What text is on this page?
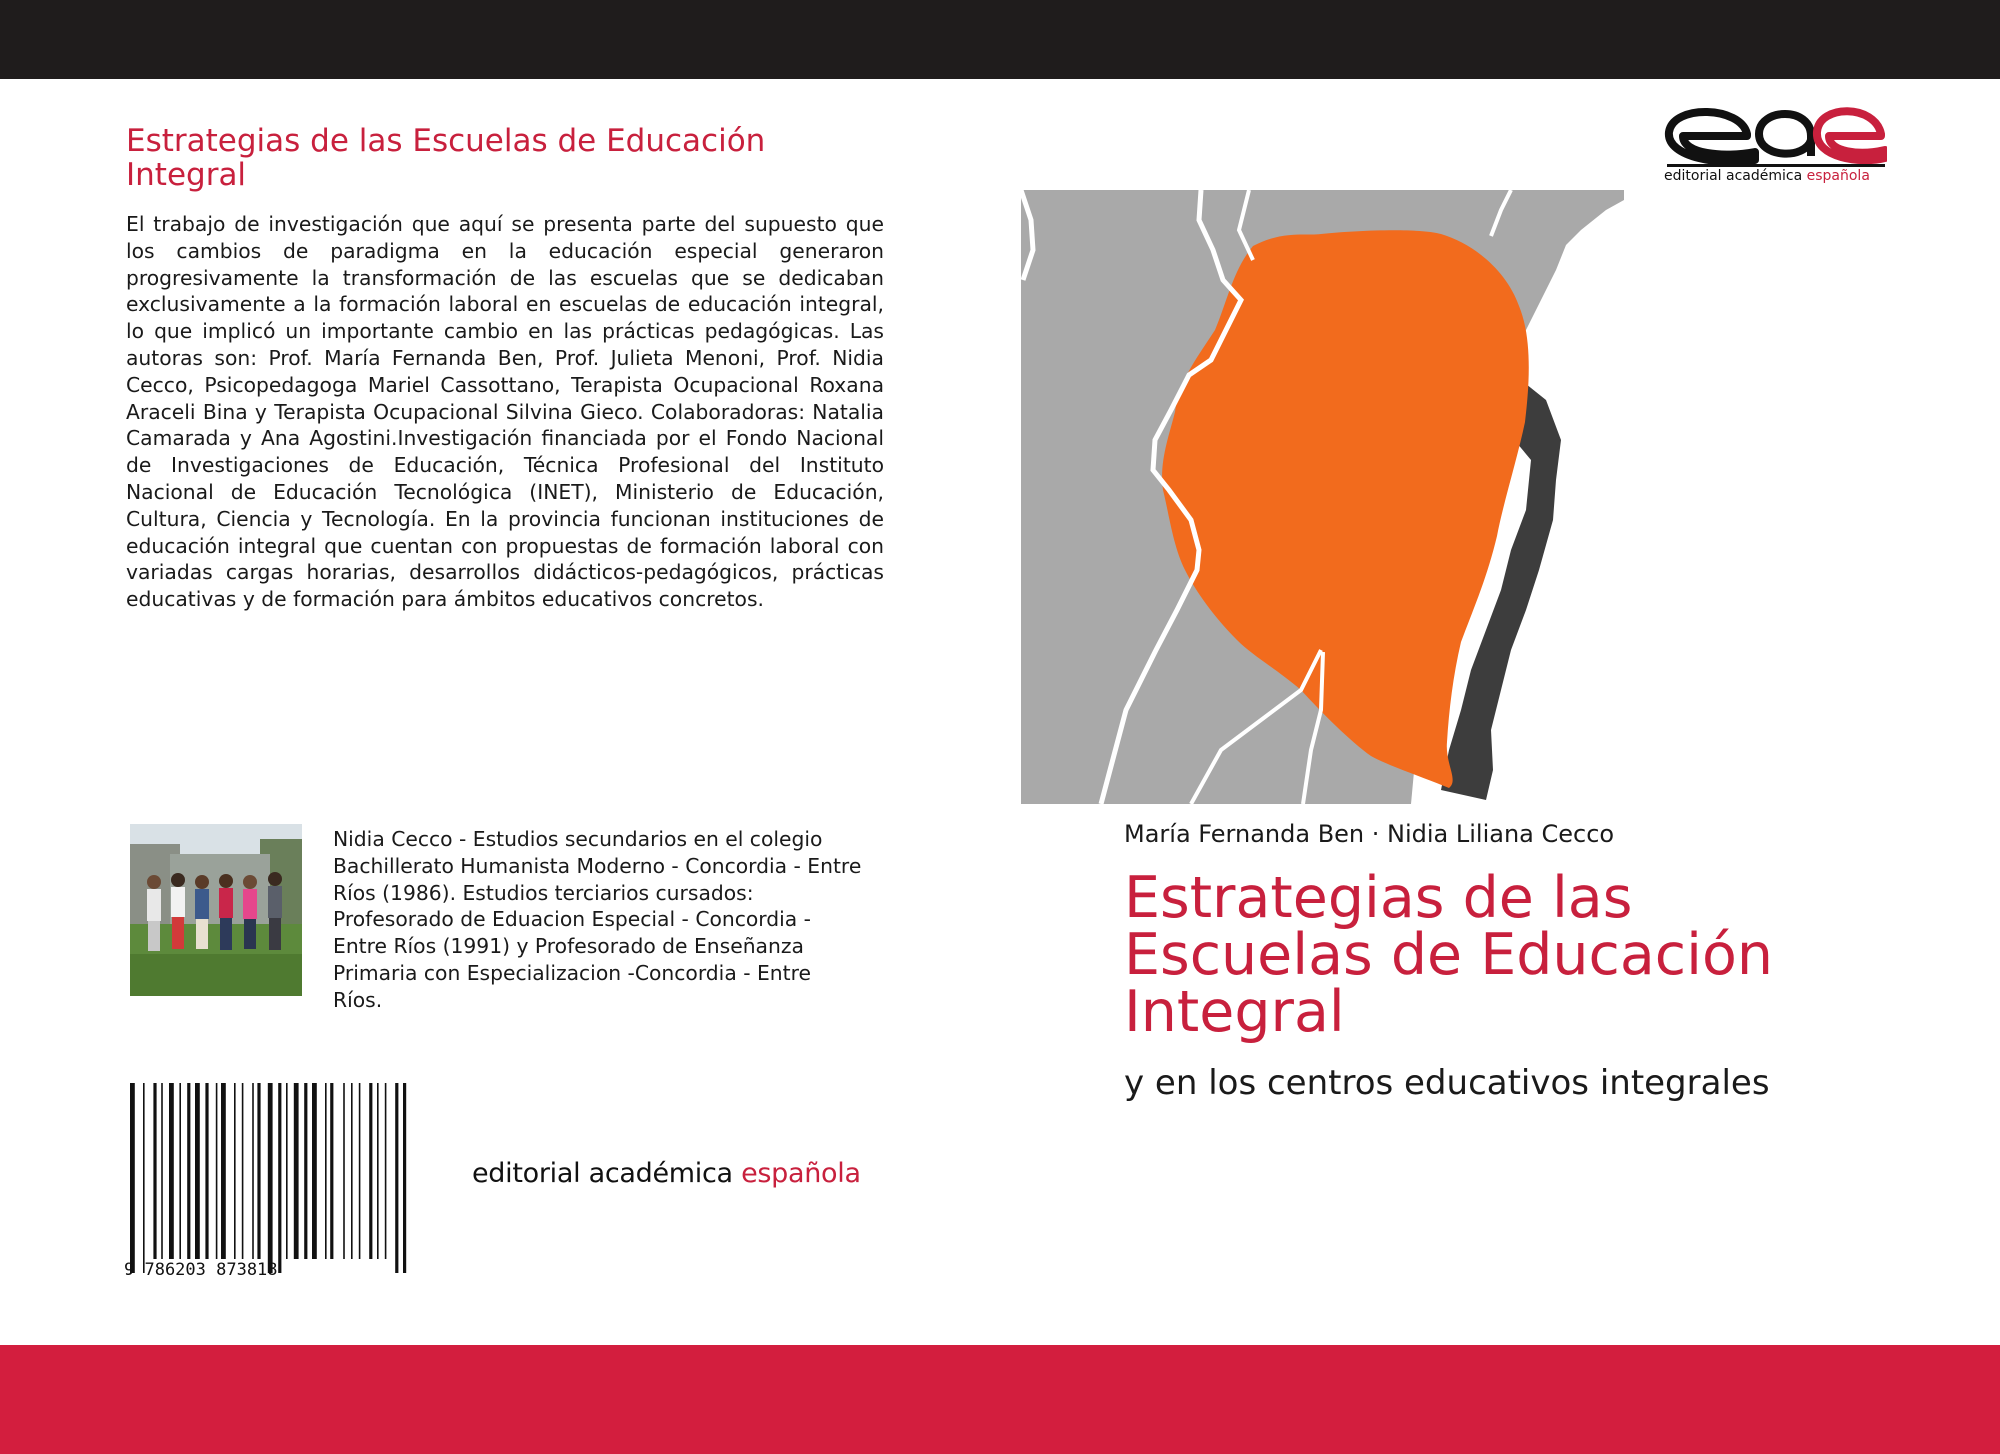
Estrategias de las Escuelas de Educación Integral

El trabajo de investigación que aquí se presenta parte del supuesto que los cambios de paradigma en la educación especial generaron progresivamente la transformación de las escuelas que se dedicaban exclusivamente a la formación laboral en escuelas de educación integral, lo que implicó un importante cambio en las prácticas pedagógicas. Las autoras son: Prof. María Fernanda Ben, Prof. Julieta Menoni, Prof. Nidia Cecco, Psicopedagoga Mariel Cassottano, Terapista Ocupacional Roxana Araceli Bina y Terapista Ocupacional Silvina Gieco. Colaboradoras: Natalia Camarada y Ana Agostini.Investigación financiada por el Fondo Nacional de Investigaciones de Educación, Técnica Profesional del Instituto Nacional de Educación Tecnológica (INET), Ministerio de Educación, Cultura, Ciencia y Tecnología. En la provincia funcionan instituciones de educación integral que cuentan con propuestas de formación laboral con variadas cargas horarias, desarrollos didácticos-pedagógicos, prácticas educativas y de formación para ámbitos educativos concretos.

Nidia Cecco - Estudios secundarios en el colegio Bachillerato Humanista Moderno - Concordia - Entre Ríos (1986). Estudios terciarios cursados: Profesorado de Eduacion Especial - Concordia - Entre Ríos (1991) y Profesorado de Enseñanza Primaria con Especializacion -Concordia - Entre Ríos.

9 786203 873818
editorial académica española
editorial académica española
María Fernanda Ben · Nidia Liliana Cecco
Estrategias de las Escuelas de Educación Integral
y en los centros educativos integrales
